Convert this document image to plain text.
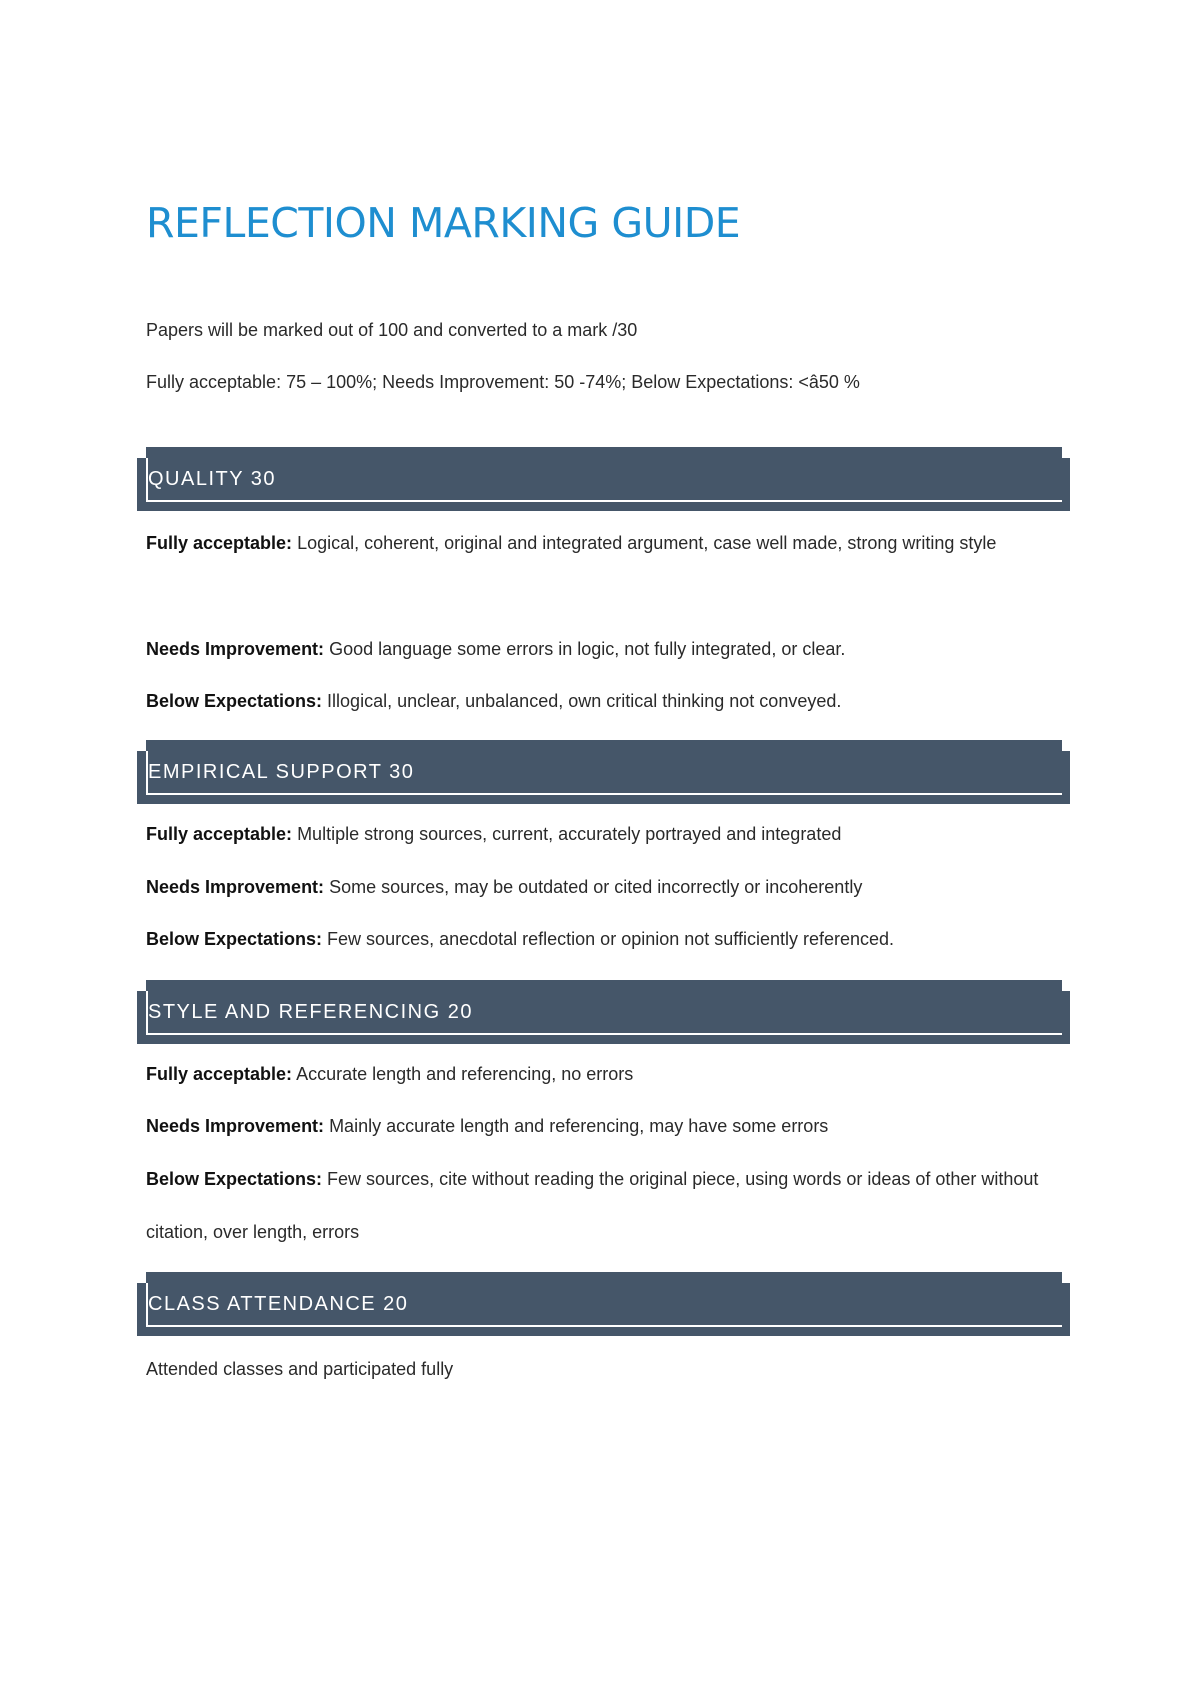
REFLECTION MARKING GUIDE

Papers will be marked out of 100 and converted to a mark /30

Fully acceptable: 75 – 100%; Needs Improvement: 50 -74%; Below Expectations: <â50 %

QUALITY 30

Fully acceptable: Logical, coherent, original and integrated argument, case well made, strong writing style

Needs Improvement: Good language some errors in logic, not fully integrated, or clear.

Below Expectations: Illogical, unclear, unbalanced, own critical thinking not conveyed.

EMPIRICAL SUPPORT 30

Fully acceptable: Multiple strong sources, current, accurately portrayed and integrated

Needs Improvement: Some sources, may be outdated or cited incorrectly or incoherently

Below Expectations: Few sources, anecdotal reflection or opinion not sufficiently referenced.

STYLE AND REFERENCING 20

Fully acceptable: Accurate length and referencing, no errors

Needs Improvement: Mainly accurate length and referencing, may have some errors

Below Expectations: Few sources, cite without reading the original piece, using words or ideas of other without citation, over length, errors

CLASS ATTENDANCE 20

Attended classes and participated fully
